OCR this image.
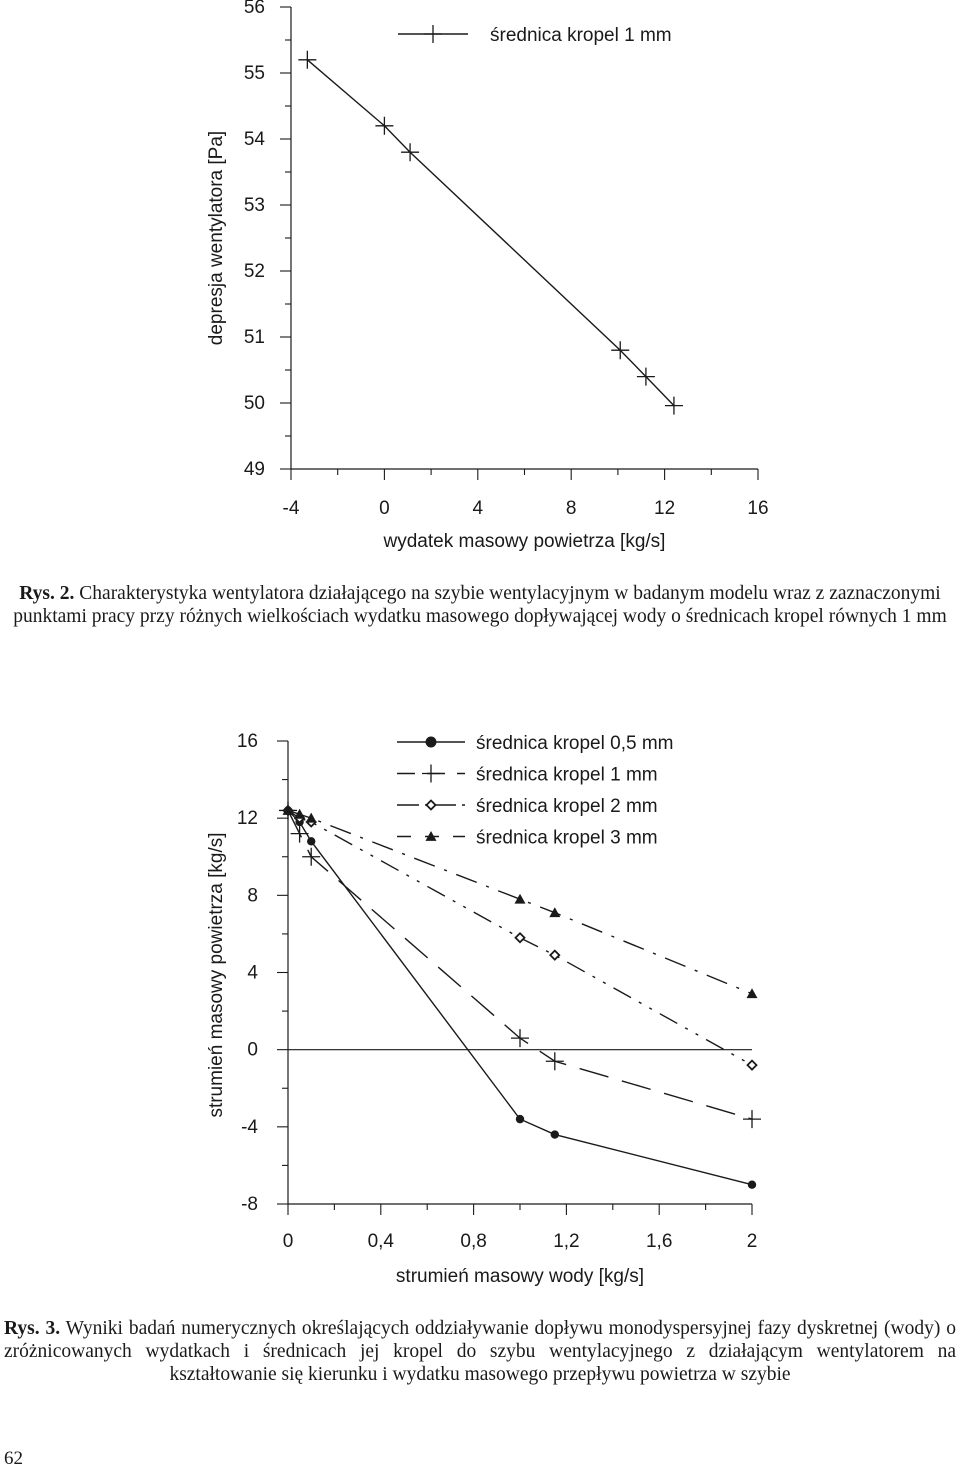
49
50
51
52
53
54
55
56
-4	0	4	8	12	16
wydatek masowy powietrza [kg/s]
depresja wentylatora [Pa]
średnica kropel 1 mm
-8
-4
0
4
8
12
16
0	0,4	0,8	1,2	1,6	2
strumień masowy wody [kg/s]
strumień masowy powietrza [kg/s]
średnica kropel 0,5 mm
średnica kropel 1 mm
średnica kropel 2 mm
średnica kropel 3 mm
Rys. 2. Charakterystyka wentylatora działającego na szybie wentylacyjnym w badanym modelu wraz z zaznaczonymi punktami pracy przy różnych wielkościach wydatku masowego dopływającej wody o średnicach kropel równych 1 mm
Rys. 3. Wyniki badań numerycznych określających oddziaływanie dopływu monodyspersyjnej fazy dyskretnej (wody) o zróżnicowanych wydatkach i średnicach jej kropel do szybu wentylacyjnego z działającym wentylatorem na kształtowanie się kierunku i wydatku masowego przepływu powietrza w szybie
62
